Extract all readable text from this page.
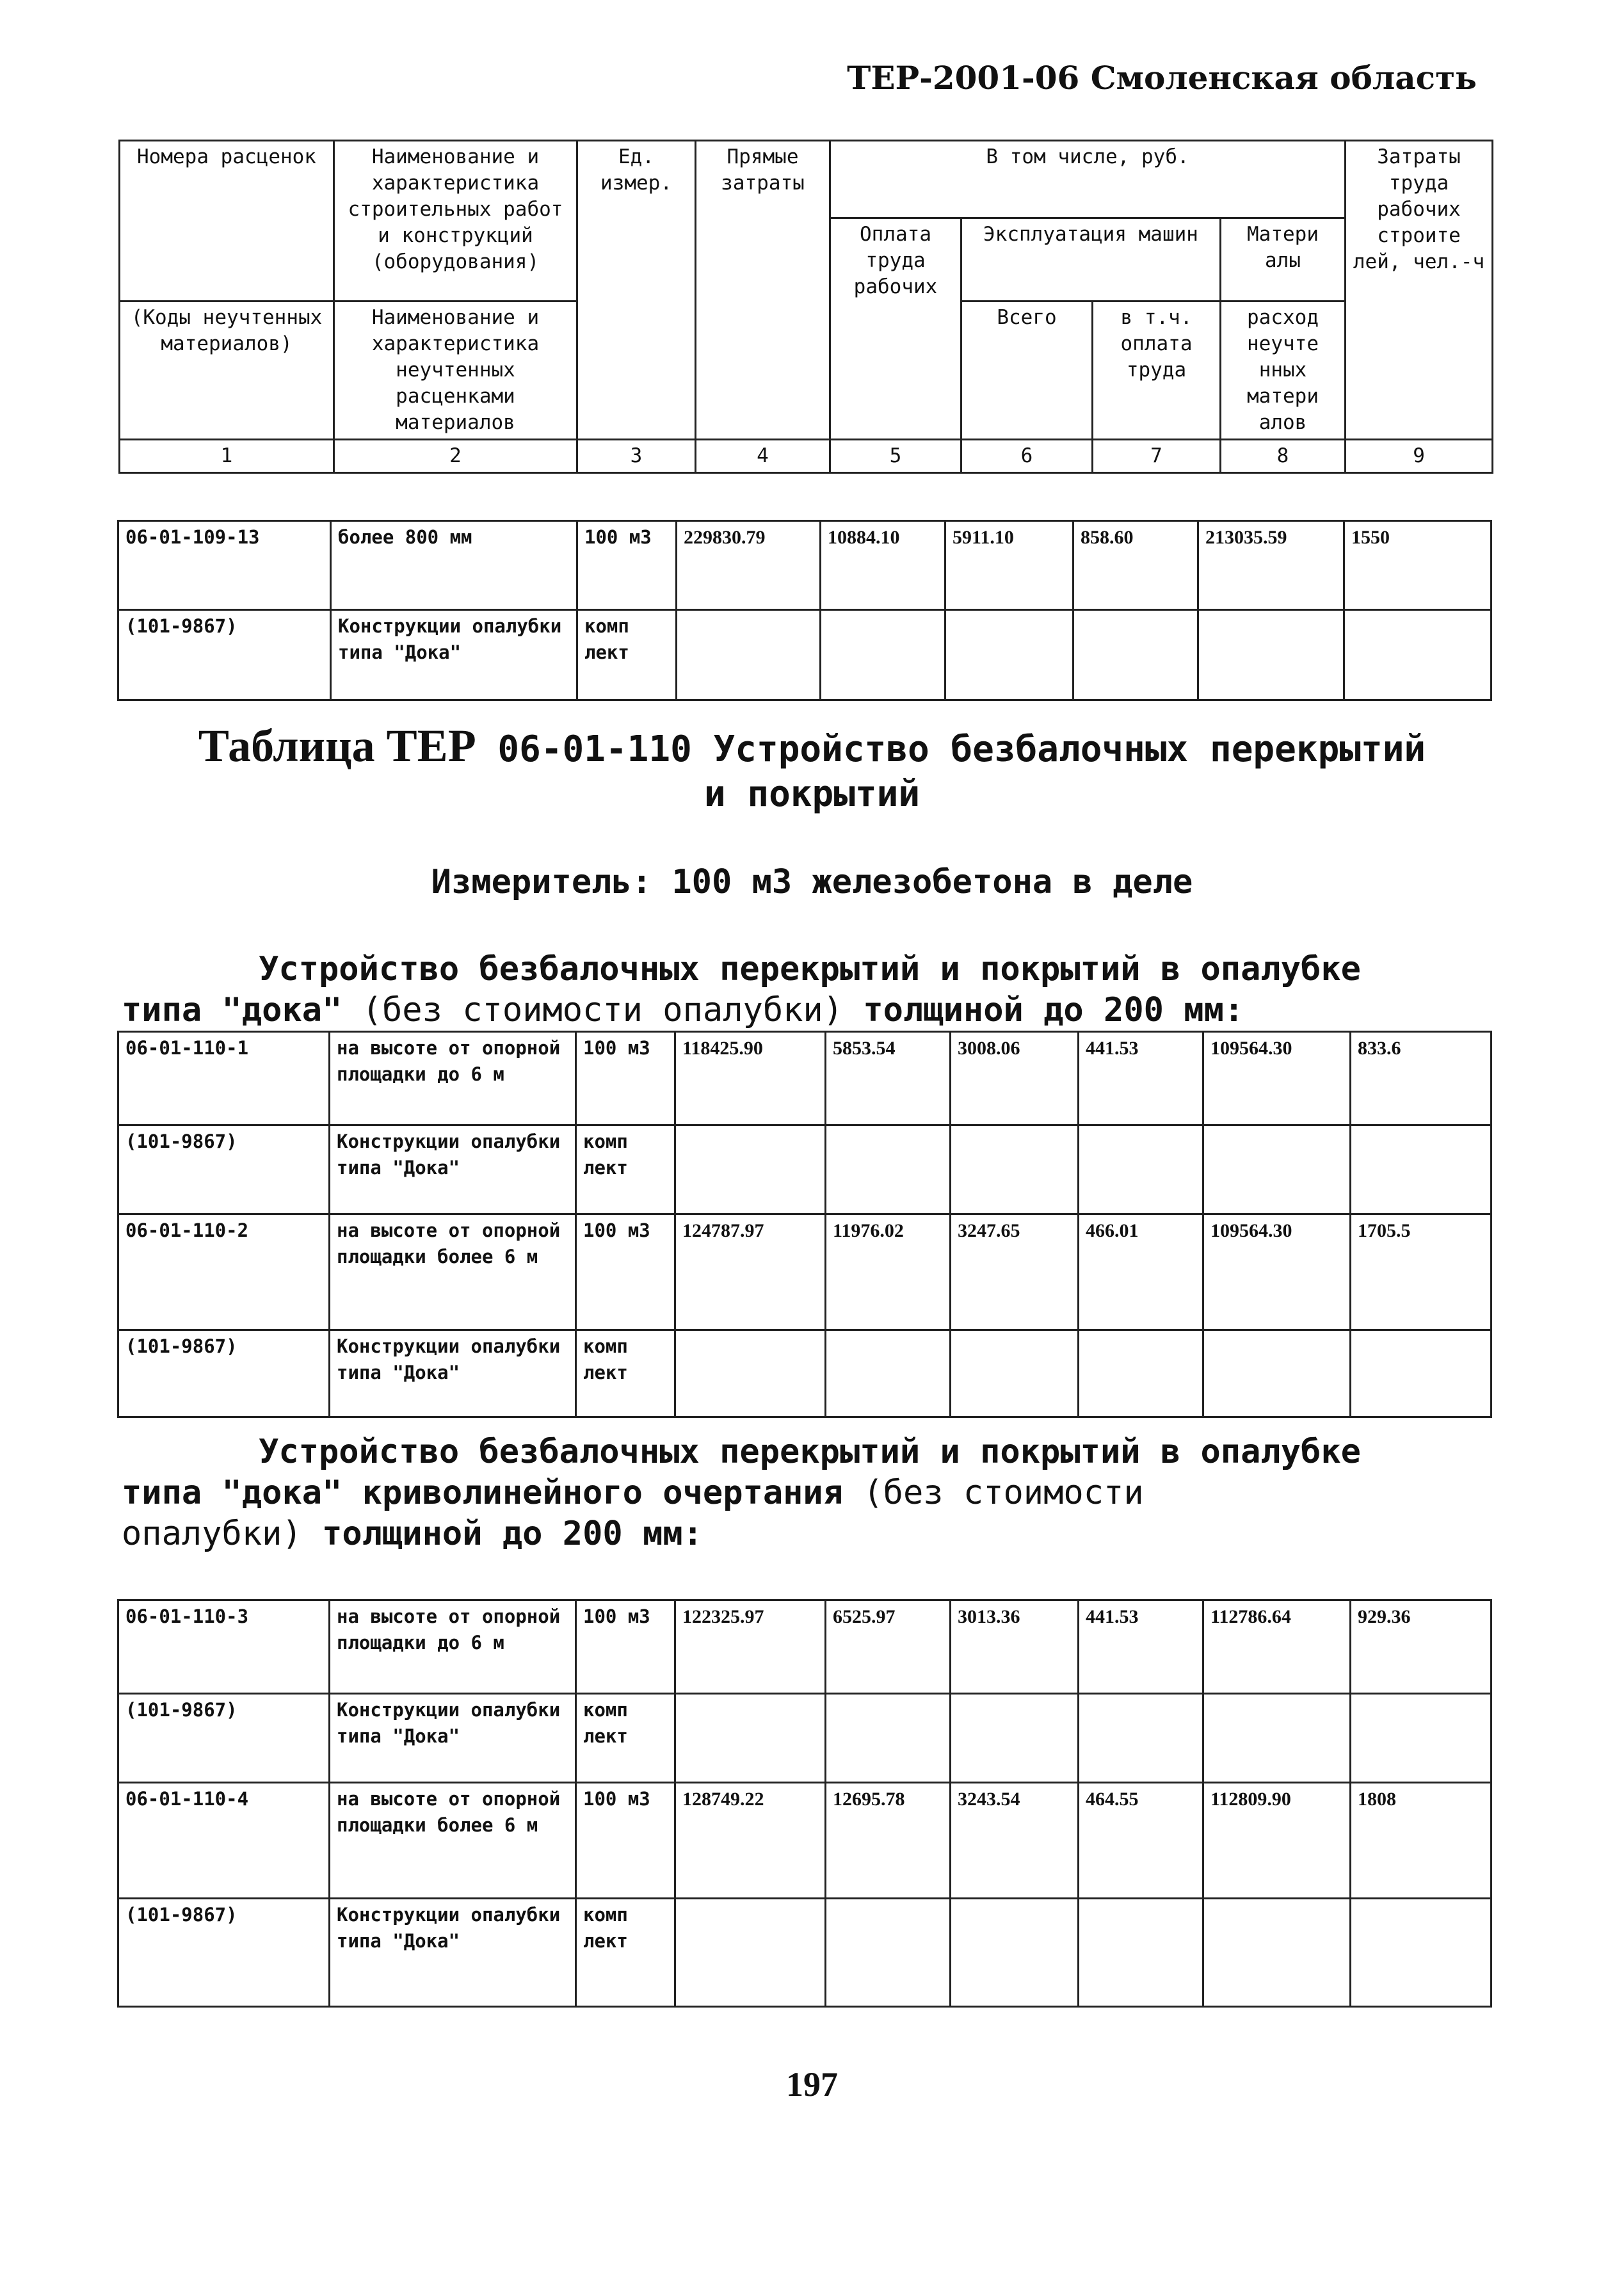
ТЕР-2001-06 Смоленская область
Номера расценок	Наименование и характеристика строительных работ и конструкций (оборудования)	Ед. измер.	Прямые затраты	В том числе, руб.				Затраты труда рабочих строите лей, чел.-ч
				Оплата труда рабочих	Эксплуатация машин		Матери алы	
(Коды неучтенных материалов)	Наименование и характеристика неучтенных расценками материалов				Всего	в т.ч. оплата труда	расход неучте нных матери алов	
1	2	3	4	5	6	7	8	9
06-01-109-13	более 800 мм	100 м3	229830.79	10884.10	5911.10	858.60	213035.59	1550
(101-9867)	Конструкции опалубки типа "Дока"	комп лект						
Таблица ТЕР 06-01-110 Устройство безбалочных перекрытий
и покрытий
Измеритель: 100 м3 железобетона в деле
Устройство безбалочных перекрытий и покрытий в опалубке
типа "дока" (без стоимости опалубки) толщиной до 200 мм:
06-01-110-1	на высоте от опорной площадки до 6 м	100 м3	118425.90	5853.54	3008.06	441.53	109564.30	833.6
(101-9867)	Конструкции опалубки типа "Дока"	комп лект						
06-01-110-2	на высоте от опорной площадки более 6 м	100 м3	124787.97	11976.02	3247.65	466.01	109564.30	1705.5
(101-9867)	Конструкции опалубки типа "Дока"	комп лект						
Устройство безбалочных перекрытий и покрытий в опалубке
типа "дока" криволинейного очертания (без стоимости
опалубки) толщиной до 200 мм:
06-01-110-3	на высоте от опорной площадки до 6 м	100 м3	122325.97	6525.97	3013.36	441.53	112786.64	929.36
(101-9867)	Конструкции опалубки типа "Дока"	комп лект						
06-01-110-4	на высоте от опорной площадки более 6 м	100 м3	128749.22	12695.78	3243.54	464.55	112809.90	1808
(101-9867)	Конструкции опалубки типа "Дока"	комп лект						
197
